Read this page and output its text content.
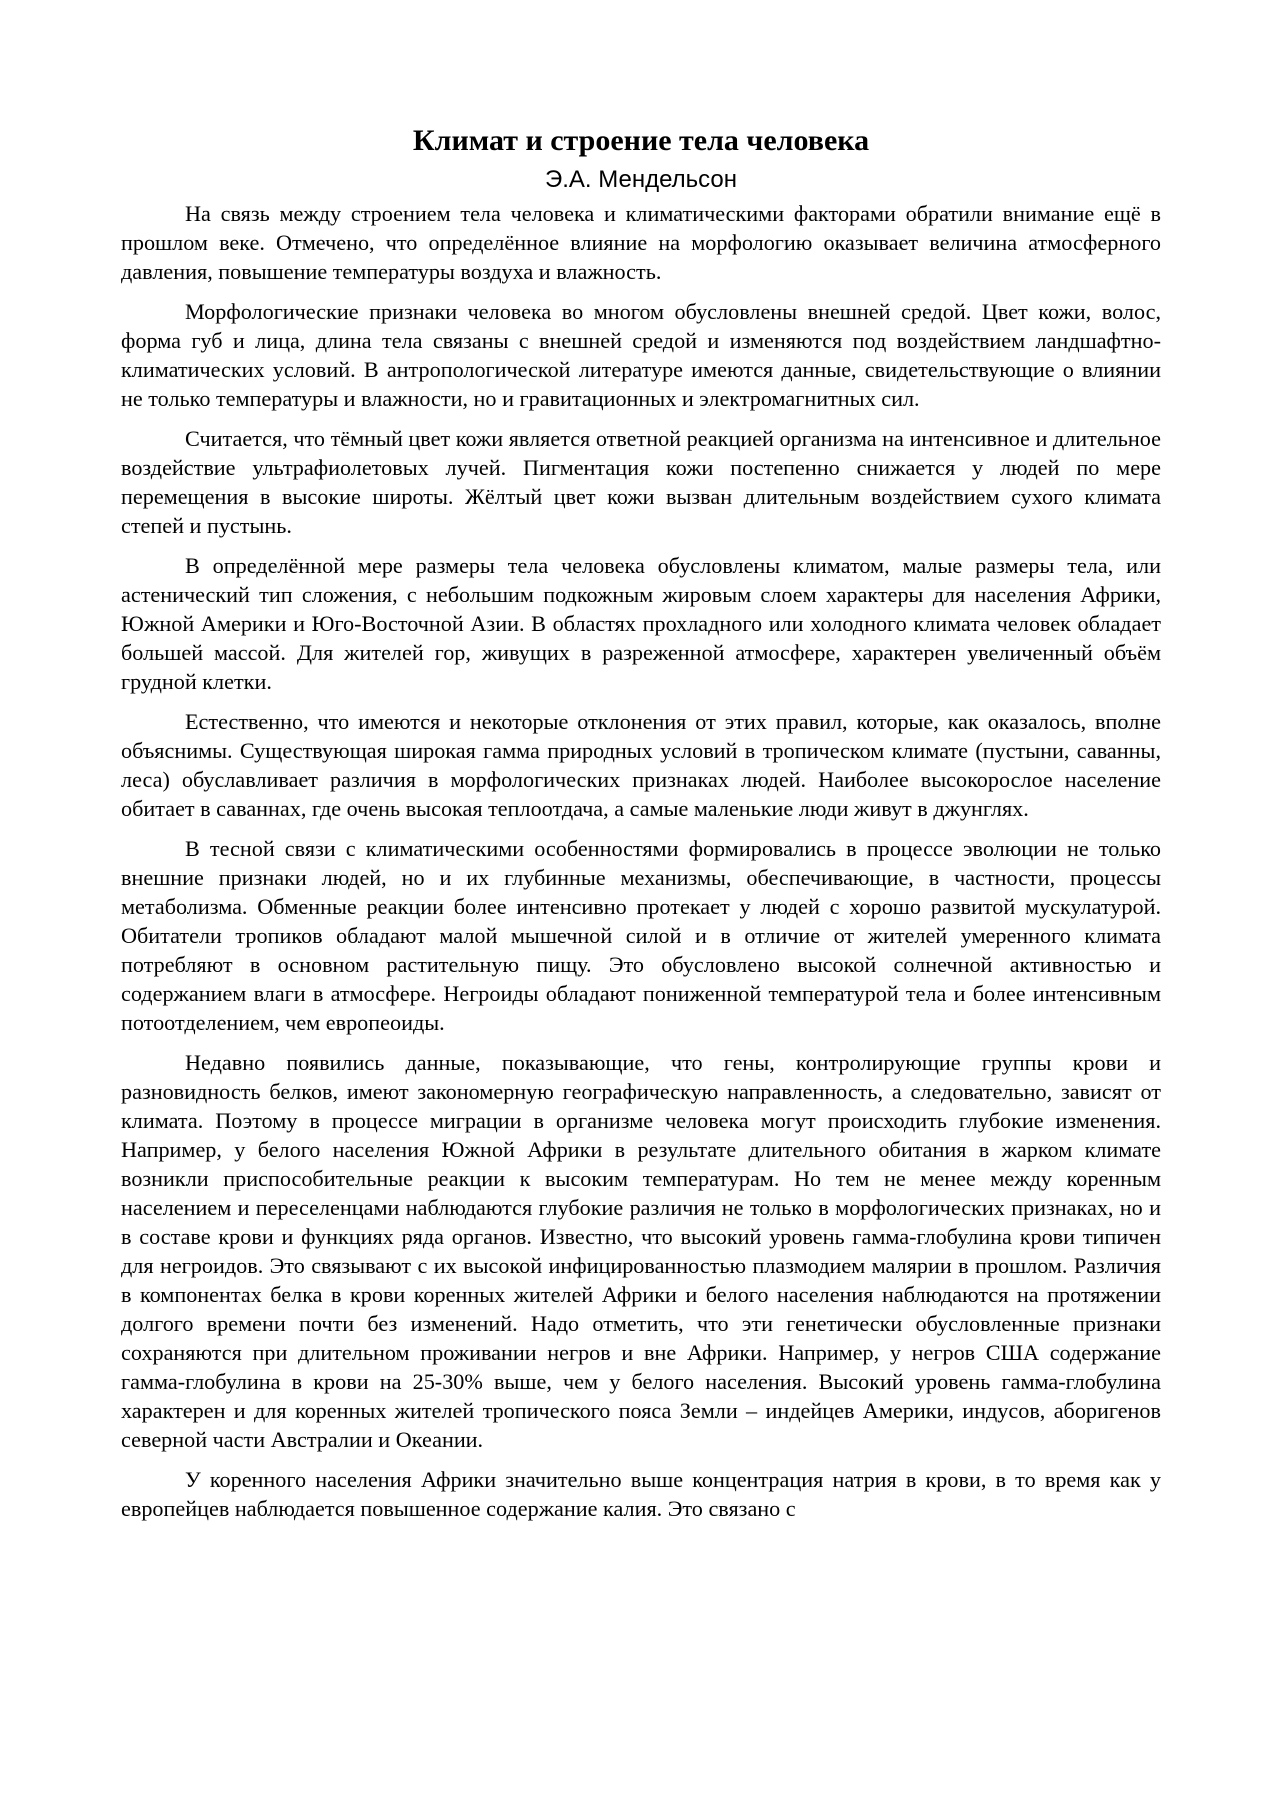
Климат и строение тела человека
Э.А. Мендельсон

На связь между строением тела человека и климатическими факторами обратили внимание ещё в прошлом веке. Отмечено, что определённое влияние на морфологию оказывает величина атмосферного давления, повышение температуры воздуха и влажность.

Морфологические признаки человека во многом обусловлены внешней средой. Цвет кожи, волос, форма губ и лица, длина тела связаны с внешней средой и изменяются под воздействием ландшафтно-климатических условий. В антропологической литературе имеются данные, свидетельствующие о влиянии не только температуры и влажности, но и гравитационных и электромагнитных сил.

Считается, что тёмный цвет кожи является ответной реакцией организма на интенсивное и длительное воздействие ультрафиолетовых лучей. Пигментация кожи постепенно снижается у людей по мере перемещения в высокие широты. Жёлтый цвет кожи вызван длительным воздействием сухого климата степей и пустынь.

В определённой мере размеры тела человека обусловлены климатом, малые размеры тела, или астенический тип сложения, с небольшим подкожным жировым слоем характеры для населения Африки, Южной Америки и Юго-Восточной Азии. В областях прохладного или холодного климата человек обладает большей массой. Для жителей гор, живущих в разреженной атмосфере, характерен увеличенный объём грудной клетки.

Естественно, что имеются и некоторые отклонения от этих правил, которые, как оказалось, вполне объяснимы. Существующая широкая гамма природных условий в тропическом климате (пустыни, саванны, леса) обуславливает различия в морфологических признаках людей. Наиболее высокорослое население обитает в саваннах, где очень высокая теплоотдача, а самые маленькие люди живут в джунглях.

В тесной связи с климатическими особенностями формировались в процессе эволюции не только внешние признаки людей, но и их глубинные механизмы, обеспечивающие, в частности, процессы метаболизма. Обменные реакции более интенсивно протекает у людей с хорошо развитой мускулатурой. Обитатели тропиков обладают малой мышечной силой и в отличие от жителей умеренного климата потребляют в основном растительную пищу. Это обусловлено высокой солнечной активностью и содержанием влаги в атмосфере. Негроиды обладают пониженной температурой тела и более интенсивным потоотделением, чем европеоиды.

Недавно появились данные, показывающие, что гены, контролирующие группы крови и разновидность белков, имеют закономерную географическую направленность, а следовательно, зависят от климата. Поэтому в процессе миграции в организме человека могут происходить глубокие изменения. Например, у белого населения Южной Африки в результате длительного обитания в жарком климате возникли приспособительные реакции к высоким температурам. Но тем не менее между коренным населением и переселенцами наблюдаются глубокие различия не только в морфологических признаках, но и в составе крови и функциях ряда органов. Известно, что высокий уровень гамма-глобулина крови типичен для негроидов. Это связывают с их высокой инфицированностью плазмодием малярии в прошлом. Различия в компонентах белка в крови коренных жителей Африки и белого населения наблюдаются на протяжении долгого времени почти без изменений. Надо отметить, что эти генетически обусловленные признаки сохраняются при длительном проживании негров и вне Африки. Например, у негров США содержание гамма-глобулина в крови на 25-30% выше, чем у белого населения. Высокий уровень гамма-глобулина характерен и для коренных жителей тропического пояса Земли – индейцев Америки, индусов, аборигенов северной части Австралии и Океании.

У коренного населения Африки значительно выше концентрация натрия в крови, в то время как у европейцев наблюдается повышенное содержание калия. Это связано с
